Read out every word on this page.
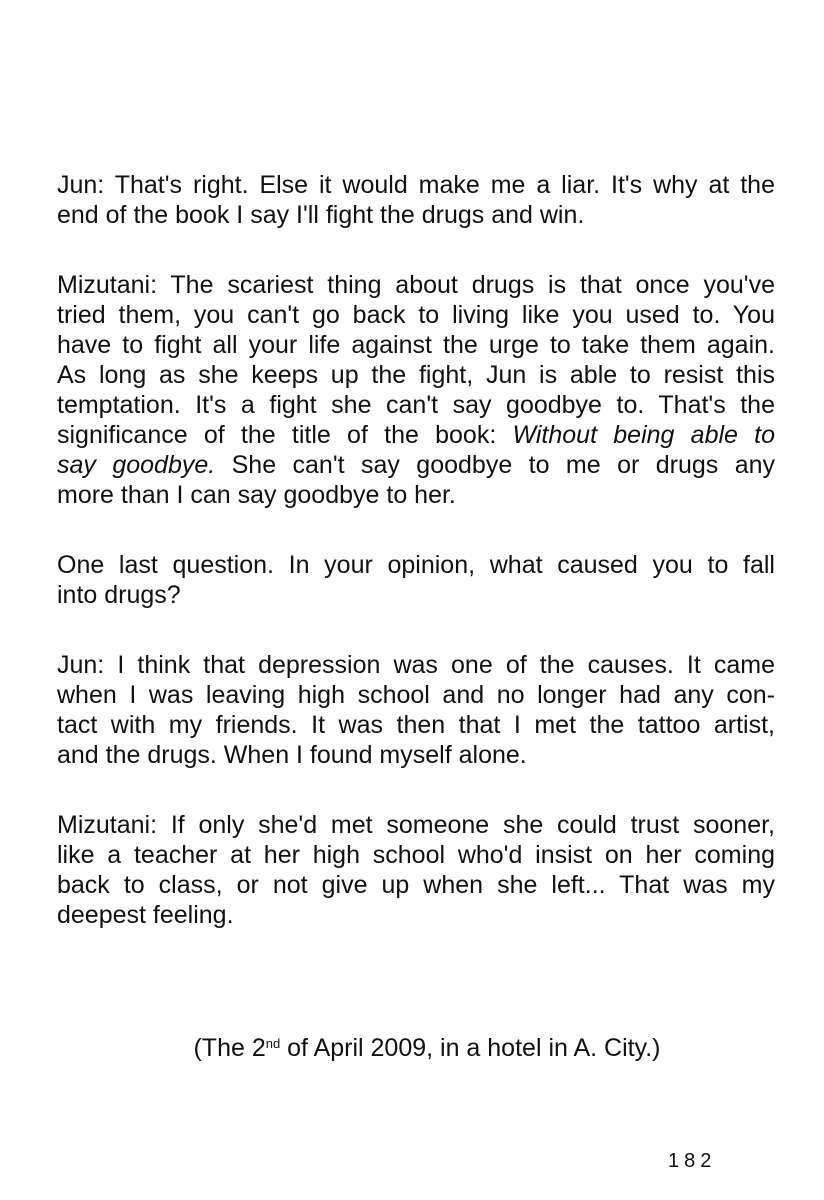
Jun: That's right. Else it would make me a liar. It's why at the
end of the book I say I'll fight the drugs and win.
Mizutani: The scariest thing about drugs is that once you've
tried them, you can't go back to living like you used to. You
have to fight all your life against the urge to take them again.
As long as she keeps up the fight, Jun is able to resist this
temptation. It's a fight she can't say goodbye to. That's the
significance of the title of the book: Without being able to
say goodbye. She can't say goodbye to me or drugs any
more than I can say goodbye to her.
One last question. In your opinion, what caused you to fall
into drugs?
Jun: I think that depression was one of the causes. It came
when I was leaving high school and no longer had any con-
tact with my friends. It was then that I met the tattoo artist,
and the drugs. When I found myself alone.
Mizutani: If only she'd met someone she could trust sooner,
like a teacher at her high school who'd insist on her coming
back to class, or not give up when she left... That was my
deepest feeling.
(The 2nd of April 2009, in a hotel in A. City.)
182
